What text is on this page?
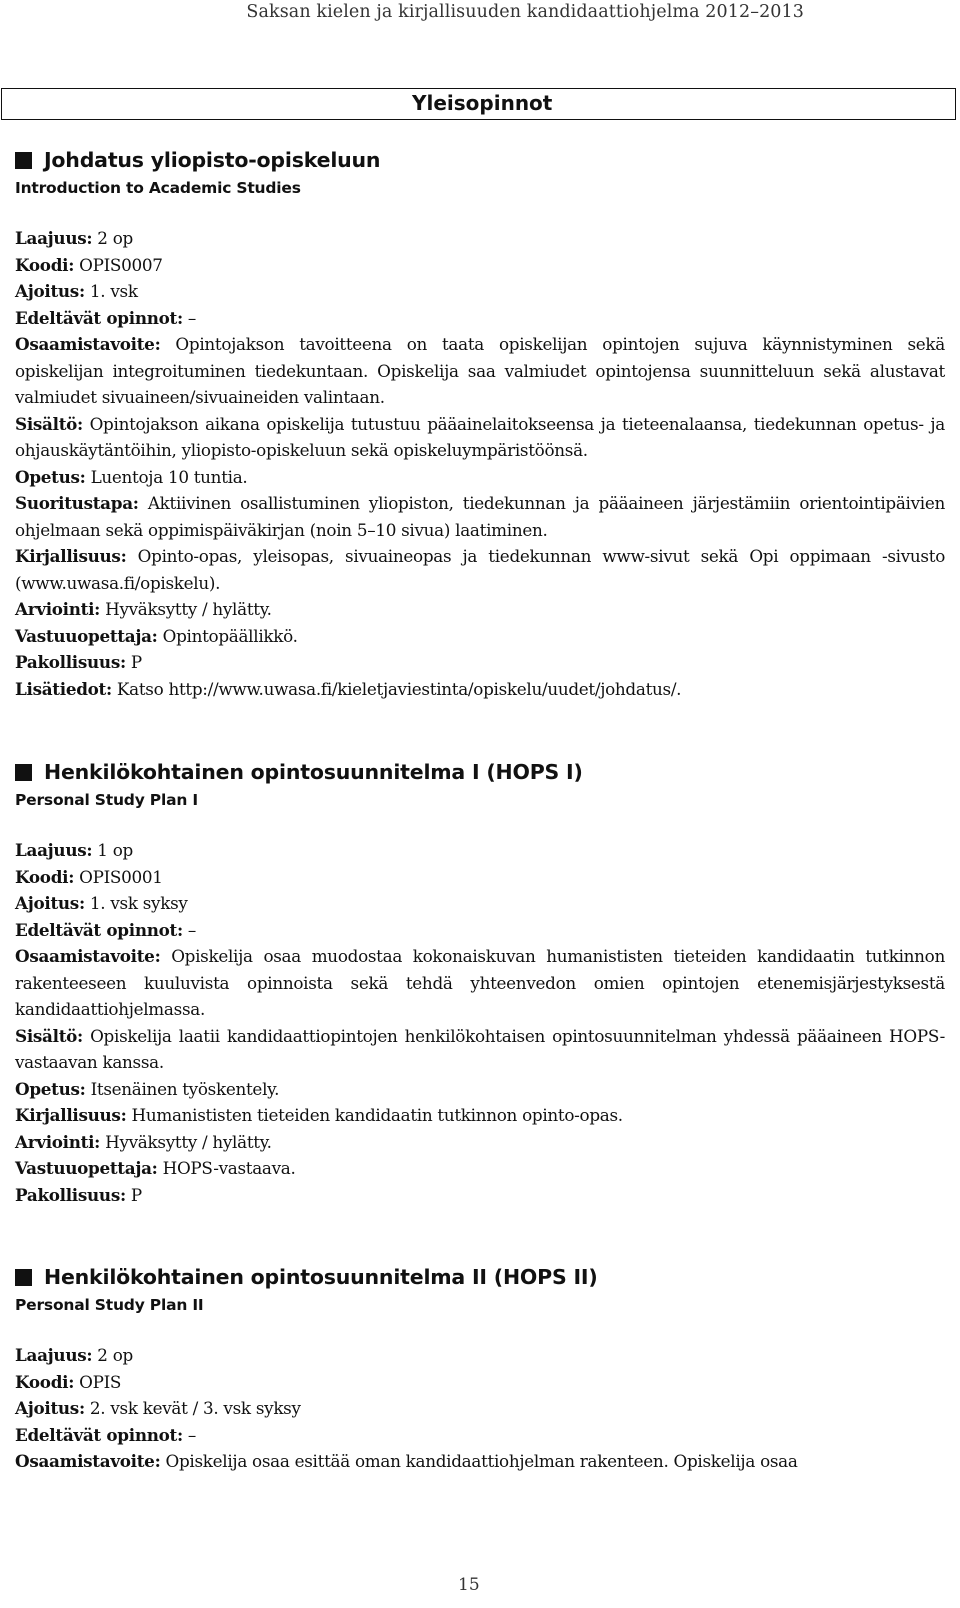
Saksan kielen ja kirjallisuuden kandidaattiohjelma 2012–2013
Yleisopinnot
Johdatus yliopisto-opiskeluun
Introduction to Academic Studies
Laajuus: 2 op
Koodi: OPIS0007
Ajoitus: 1. vsk
Edeltävät opinnot: –
Osaamistavoite: Opintojakson tavoitteena on taata opiskelijan opintojen sujuva käynnistyminen sekä opiskelijan integroituminen tiedekuntaan. Opiskelija saa valmiudet opintojensa suunnitteluun sekä alustavat valmiudet sivuaineen/sivuaineiden valintaan.
Sisältö: Opintojakson aikana opiskelija tutustuu pääainelaitokseensa ja tieteenalaansa, tiedekunnan opetus- ja ohjauskäytäntöihin, yliopisto-opiskeluun sekä opiskeluympäristöönsä.
Opetus: Luentoja 10 tuntia.
Suoritustapa: Aktiivinen osallistuminen yliopiston, tiedekunnan ja pääaineen järjestämiin orientointipäivien ohjelmaan sekä oppimispäiväkirjan (noin 5–10 sivua) laatiminen.
Kirjallisuus: Opinto-opas, yleisopas, sivuaineopas ja tiedekunnan www-sivut sekä Opi oppimaan -sivusto (www.uwasa.fi/opiskelu).
Arviointi: Hyväksytty / hylätty.
Vastuuopettaja: Opintopäällikkö.
Pakollisuus: P
Lisätiedot: Katso http://www.uwasa.fi/kieletjaviestinta/opiskelu/uudet/johdatus/.
Henkilökohtainen opintosuunnitelma I (HOPS I)
Personal Study Plan I
Laajuus: 1 op
Koodi: OPIS0001
Ajoitus: 1. vsk syksy
Edeltävät opinnot: –
Osaamistavoite: Opiskelija osaa muodostaa kokonaiskuvan humanististen tieteiden kandidaatin tutkinnon rakenteeseen kuuluvista opinnoista sekä tehdä yhteenvedon omien opintojen etenemisjärjestyksestä kandidaattiohjelmassa.
Sisältö: Opiskelija laatii kandidaattiopintojen henkilökohtaisen opintosuunnitelman yhdessä pääaineen HOPS-vastaavan kanssa.
Opetus: Itsenäinen työskentely.
Kirjallisuus: Humanististen tieteiden kandidaatin tutkinnon opinto-opas.
Arviointi: Hyväksytty / hylätty.
Vastuuopettaja: HOPS-vastaava.
Pakollisuus: P
Henkilökohtainen opintosuunnitelma II (HOPS II)
Personal Study Plan II
Laajuus: 2 op
Koodi: OPIS
Ajoitus: 2. vsk kevät / 3. vsk syksy
Edeltävät opinnot: –
Osaamistavoite: Opiskelija osaa esittää oman kandidaattiohjelman rakenteen. Opiskelija osaa
15
